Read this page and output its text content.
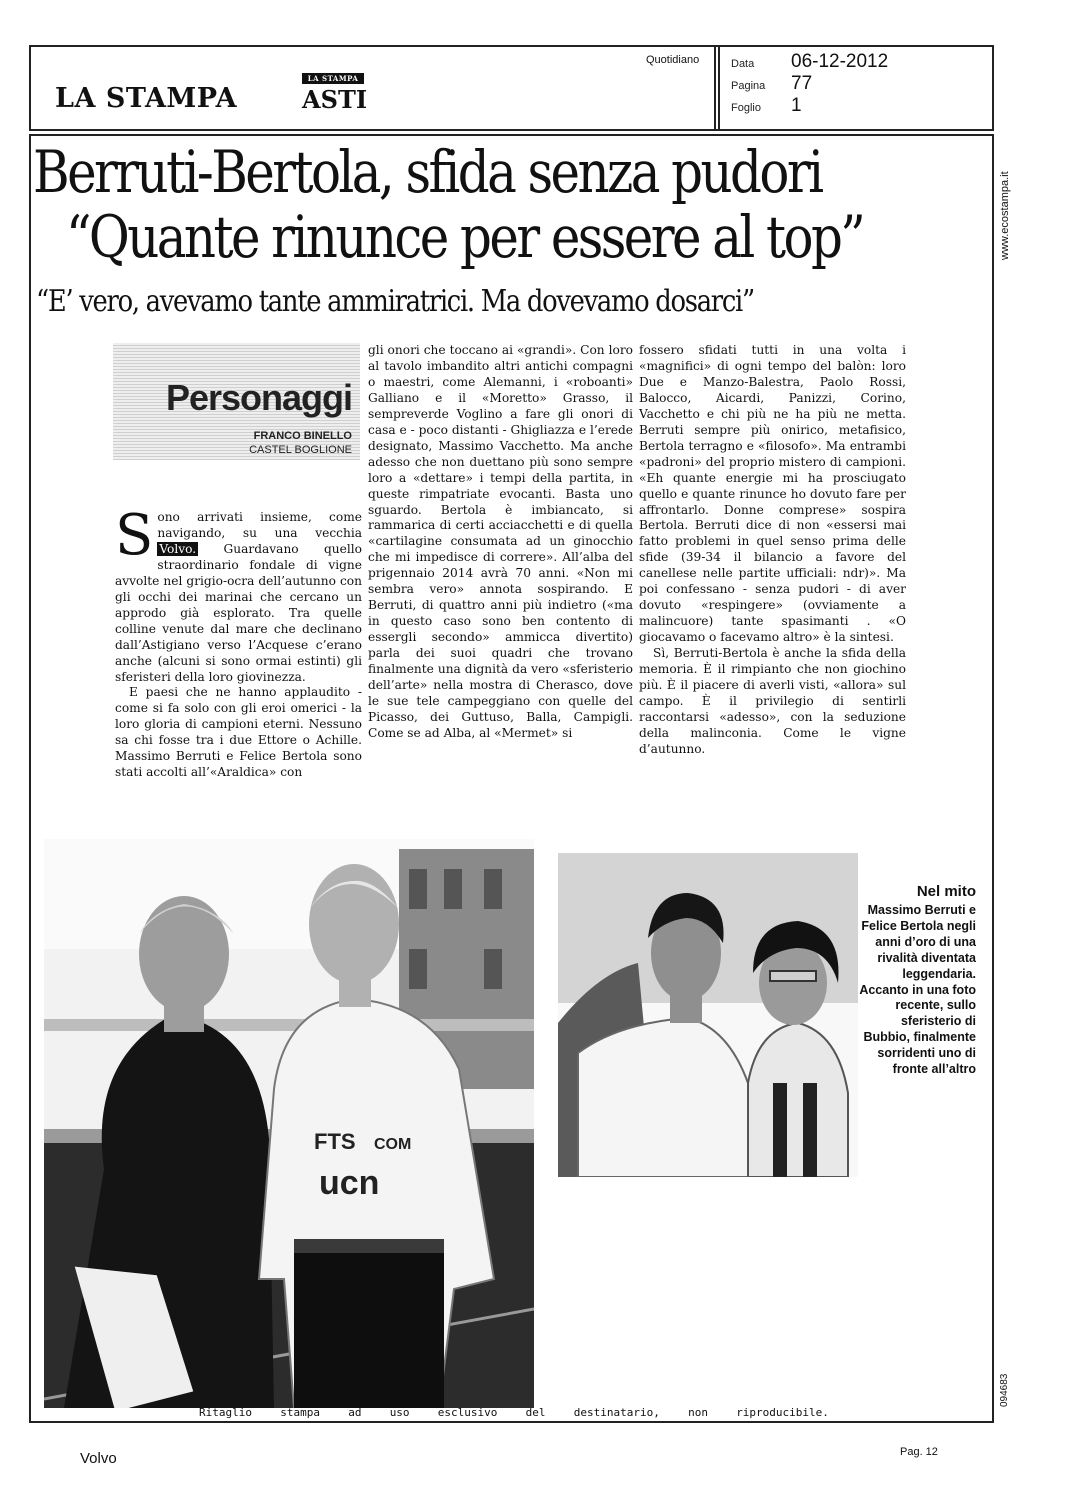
LA STAMPA
LA STAMPA
ASTI
Quotidiano	Data	06-12-2012
Pagina	77
Foglio	1
www.ecostampa.it
094683
Berruti-Bertola, sfida senza pudori
“Quante rinunce per essere al top”
“E’ vero, avevamo tante ammiratrici. Ma dovevamo dosarci”
Personaggi
FRANCO BINELLO
CASTEL BOGLIONE

Sono arrivati insieme, come navigando, su una vecchia Volvo. Guardavano quello straordinario fondale di vigne avvolte nel grigio-ocra dell’autunno con gli occhi dei marinai che cercano un approdo già esplorato. Tra quelle colline venute dal mare che declinano dall’Astigiano verso l’Acquese c’erano anche (alcuni si sono ormai estinti) gli sferisteri della loro giovinezza.

E paesi che ne hanno applaudito - come si fa solo con gli eroi omerici - la loro gloria di campioni eterni. Nessuno sa chi fosse tra i due Ettore o Achille. Massimo Berruti e Felice Bertola sono stati accolti all’«Araldica» con

gli onori che toccano ai «grandi». Con loro al tavolo imbandito altri antichi compagni o maestri, come Alemanni, i «roboanti» Galliano e il «Moretto» Grasso, il sempreverde Voglino a fare gli onori di casa e - poco distanti - Ghigliazza e l’erede designato, Massimo Vacchetto. Ma anche adesso che non duettano più sono sempre loro a «dettare» i tempi della partita, in queste rimpatriate evocanti. Basta uno sguardo. Bertola è imbiancato, si rammarica di certi acciacchetti e di quella «cartilagine consumata ad un ginocchio che mi impedisce di correre». All’alba del prigennaio 2014 avrà 70 anni. «Non mi sembra vero» annota sospirando. E Berruti, di quattro anni più indietro («ma in questo caso sono ben contento di essergli secondo» ammicca divertito) parla dei suoi quadri che trovano finalmente una dignità da vero «sferisterio dell’arte» nella mostra di Cherasco, dove le sue tele campeggiano con quelle del Picasso, dei Guttuso, Balla, Campigli. Come se ad Alba, al «Mermet» si

fossero sfidati tutti in una volta i «magnifici» di ogni tempo del balòn: loro Due e Manzo-Balestra, Paolo Rossi, Balocco, Aicardi, Panizzi, Corino, Vacchetto e chi più ne ha più ne metta. Berruti sempre più onirico, metafisico, Bertola terragno e «filosofo». Ma entrambi «padroni» del proprio mistero di campioni. «Eh quante energie mi ha prosciugato quello e quante rinunce ho dovuto fare per affrontarlo. Donne comprese» sospira Bertola. Berruti dice di non «essersi mai fatto problemi in quel senso prima delle sfide (39-34 il bilancio a favore del canellese nelle partite ufficiali: ndr)». Ma poi confessano - senza pudori - di aver dovuto «respingere» (ovviamente a malincuore) tante spasimanti . «O giocavamo o facevamo altro» è la sintesi.

Sì, Berruti-Bertola è anche la sfida della memoria. È il rimpianto che non giochino più. È il piacere di averli visti, «allora» sul campo. È il privilegio di sentirli raccontarsi «adesso», con la seduzione della malinconia. Come le vigne d’autunno.

FTS COM
ucn
Nel mito
Massimo Berruti e Felice Bertola negli anni d’oro di una rivalità diventata leggendaria. Accanto in una foto recente, sullo sferisterio di Bubbio, finalmente sorridenti uno di fronte all’altro
Ritaglio	stampa	ad	uso	esclusivo	del	destinatario,	non	riproducibile.
Volvo	Pag. 12
